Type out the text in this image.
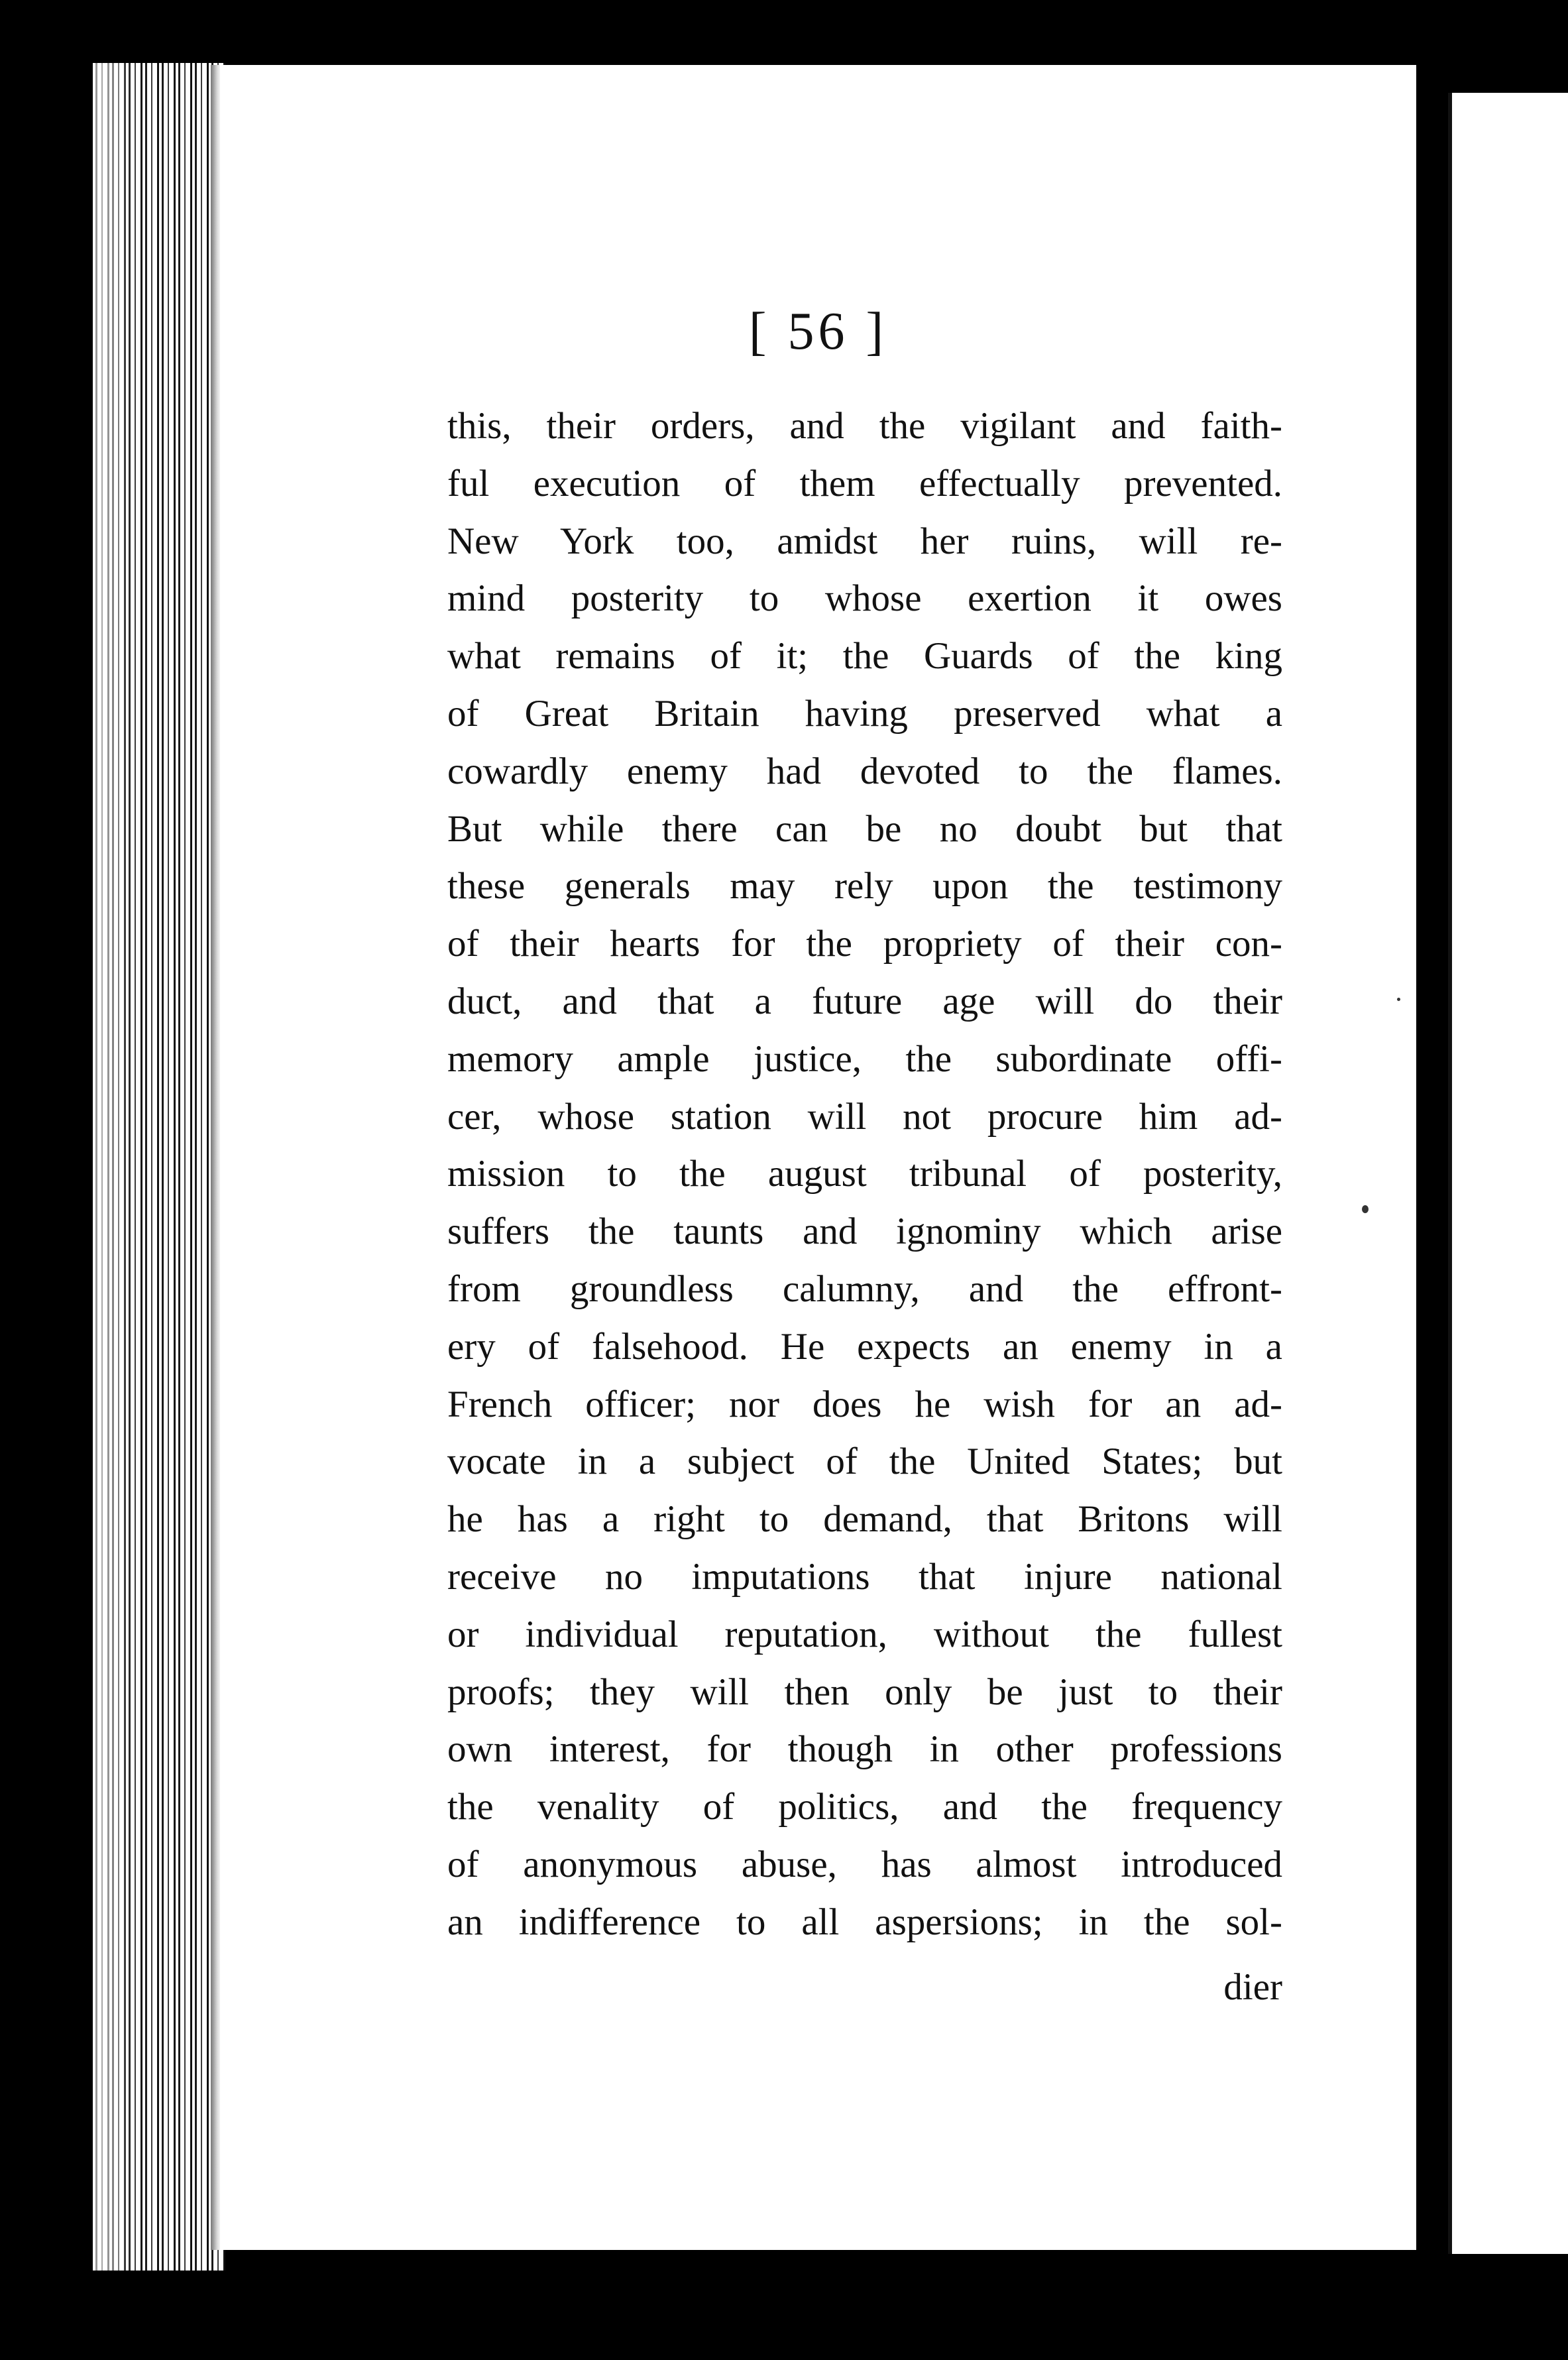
[ 56 ]
this, their orders, and the vigilant and faith-
ful execution of them effectually prevented.
New York too, amidst her ruins, will re-
mind posterity to whose exertion it owes
what remains of it; the Guards of the king
of Great Britain having preserved what a
cowardly enemy had devoted to the flames.
But while there can be no doubt but that
these generals may rely upon the testimony
of their hearts for the propriety of their con-
duct, and that a future age will do their
memory ample justice, the subordinate offi-
cer, whose station will not procure him ad-
mission to the august tribunal of posterity,
suffers the taunts and ignominy which arise
from groundless calumny, and the effront-
ery of falsehood. He expects an enemy in a
French officer; nor does he wish for an ad-
vocate in a subject of the United States; but
he has a right to demand, that Britons will
receive no imputations that injure national
or individual reputation, without the fullest
proofs; they will then only be just to their
own interest, for though in other professions
the venality of politics, and the frequency
of anonymous abuse, has almost introduced
an indifference to all aspersions; in the sol-
dier
